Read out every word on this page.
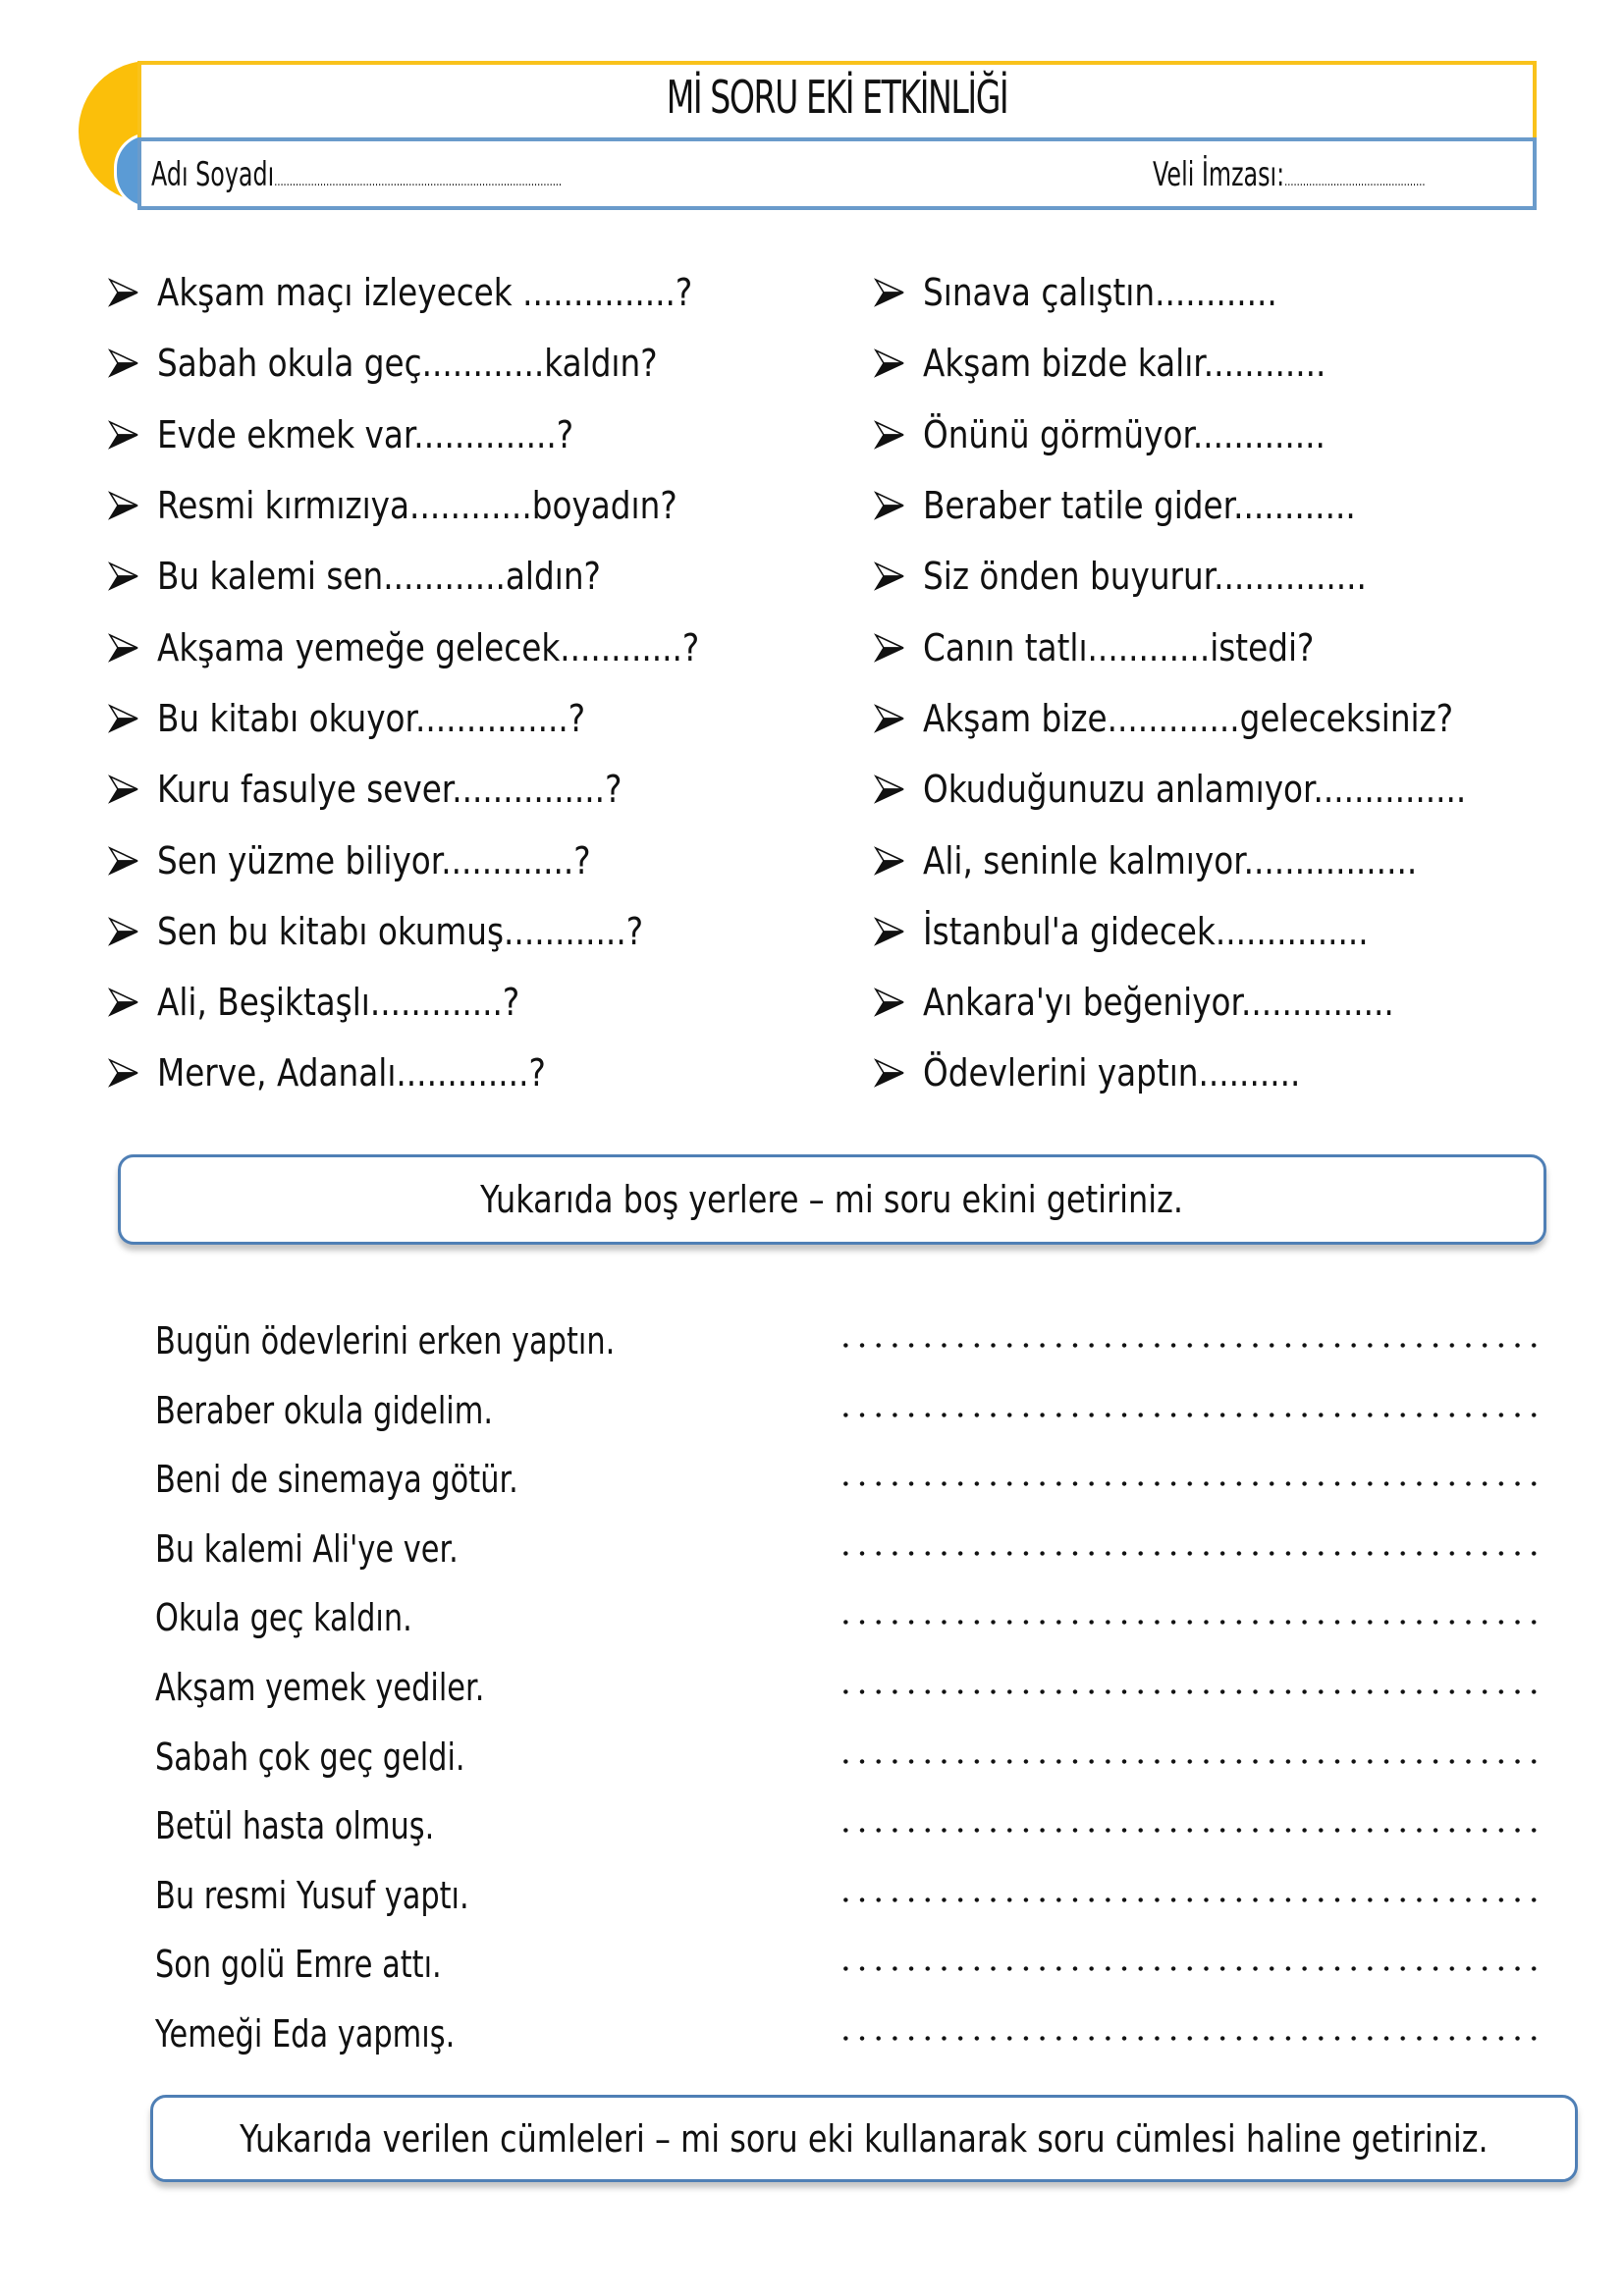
Mİ SORU EKİ ETKİNLİĞİ
Adı Soyadı..............................................................................................	Veli İmzası:..............................................
Akşam maçı izleyecek ...............?
Sabah okula geç............kaldın?
Evde ekmek var..............?
Resmi kırmızıya............boyadın?
Bu kalemi sen............aldın?
Akşama yemeğe gelecek............?
Bu kitabı okuyor...............?
Kuru fasulye sever...............?
Sen yüzme biliyor.............?
Sen bu kitabı okumuş............?
Ali, Beşiktaşlı.............?
Merve, Adanalı.............?
Sınava çalıştın............
Akşam bizde kalır............
Önünü görmüyor.............
Beraber tatile gider............
Siz önden buyurur...............
Canın tatlı............istedi?
Akşam bize.............geleceksiniz?
Okuduğunuzu anlamıyor...............
Ali, seninle kalmıyor.................
İstanbul'a gidecek...............
Ankara'yı beğeniyor...............
Ödevlerini yaptın..........
Yukarıda boş yerlere – mi soru ekini getiriniz.
Bugün ödevlerini erken yaptın.
Beraber okula gidelim.
Beni de sinemaya götür.
Bu kalemi Ali'ye ver.
Okula geç kaldın.
Akşam yemek yediler.
Sabah çok geç geldi.
Betül hasta olmuş.
Bu resmi Yusuf yaptı.
Son golü Emre attı.
Yemeği Eda yapmış.
Yukarıda verilen cümleleri – mi soru eki kullanarak soru cümlesi haline getiriniz.
